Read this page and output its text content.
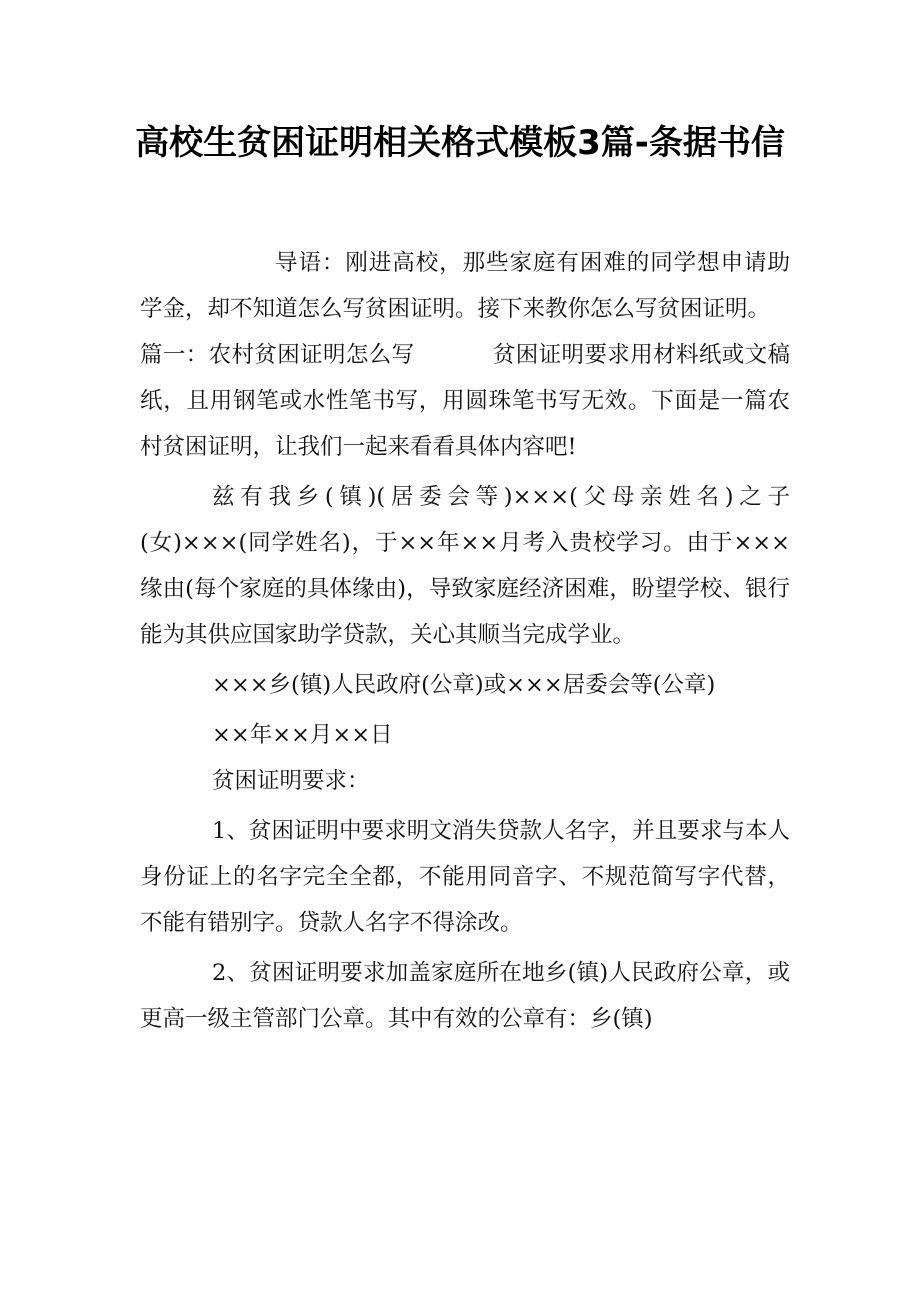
高校生贫困证明相关格式模板3篇-条据书信

导语：刚进高校，那些家庭有困难的同学想申请助学金，却不知道怎么写贫困证明。接下来教你怎么写贫困证明。

篇一：农村贫困证明怎么写	贫困证明要求用材料纸或文稿纸，且用钢笔或水性笔书写，用圆珠笔书写无效。下面是一篇农村贫困证明，让我们一起来看看具体内容吧!

兹有我乡(镇)(居委会等)×××(父母亲姓名)之子(女)×××(同学姓名)，于××年××月考入贵校学习。由于×××缘由(每个家庭的具体缘由)，导致家庭经济困难，盼望学校、银行能为其供应国家助学贷款，关心其顺当完成学业。

×××乡(镇)人民政府(公章)或×××居委会等(公章)

××年××月××日

贫困证明要求：

1、贫困证明中要求明文消失贷款人名字，并且要求与本人身份证上的名字完全全都，不能用同音字、不规范简写字代替，不能有错别字。贷款人名字不得涂改。

2、贫困证明要求加盖家庭所在地乡(镇)人民政府公章，或更高一级主管部门公章。其中有效的公章有：乡(镇)
